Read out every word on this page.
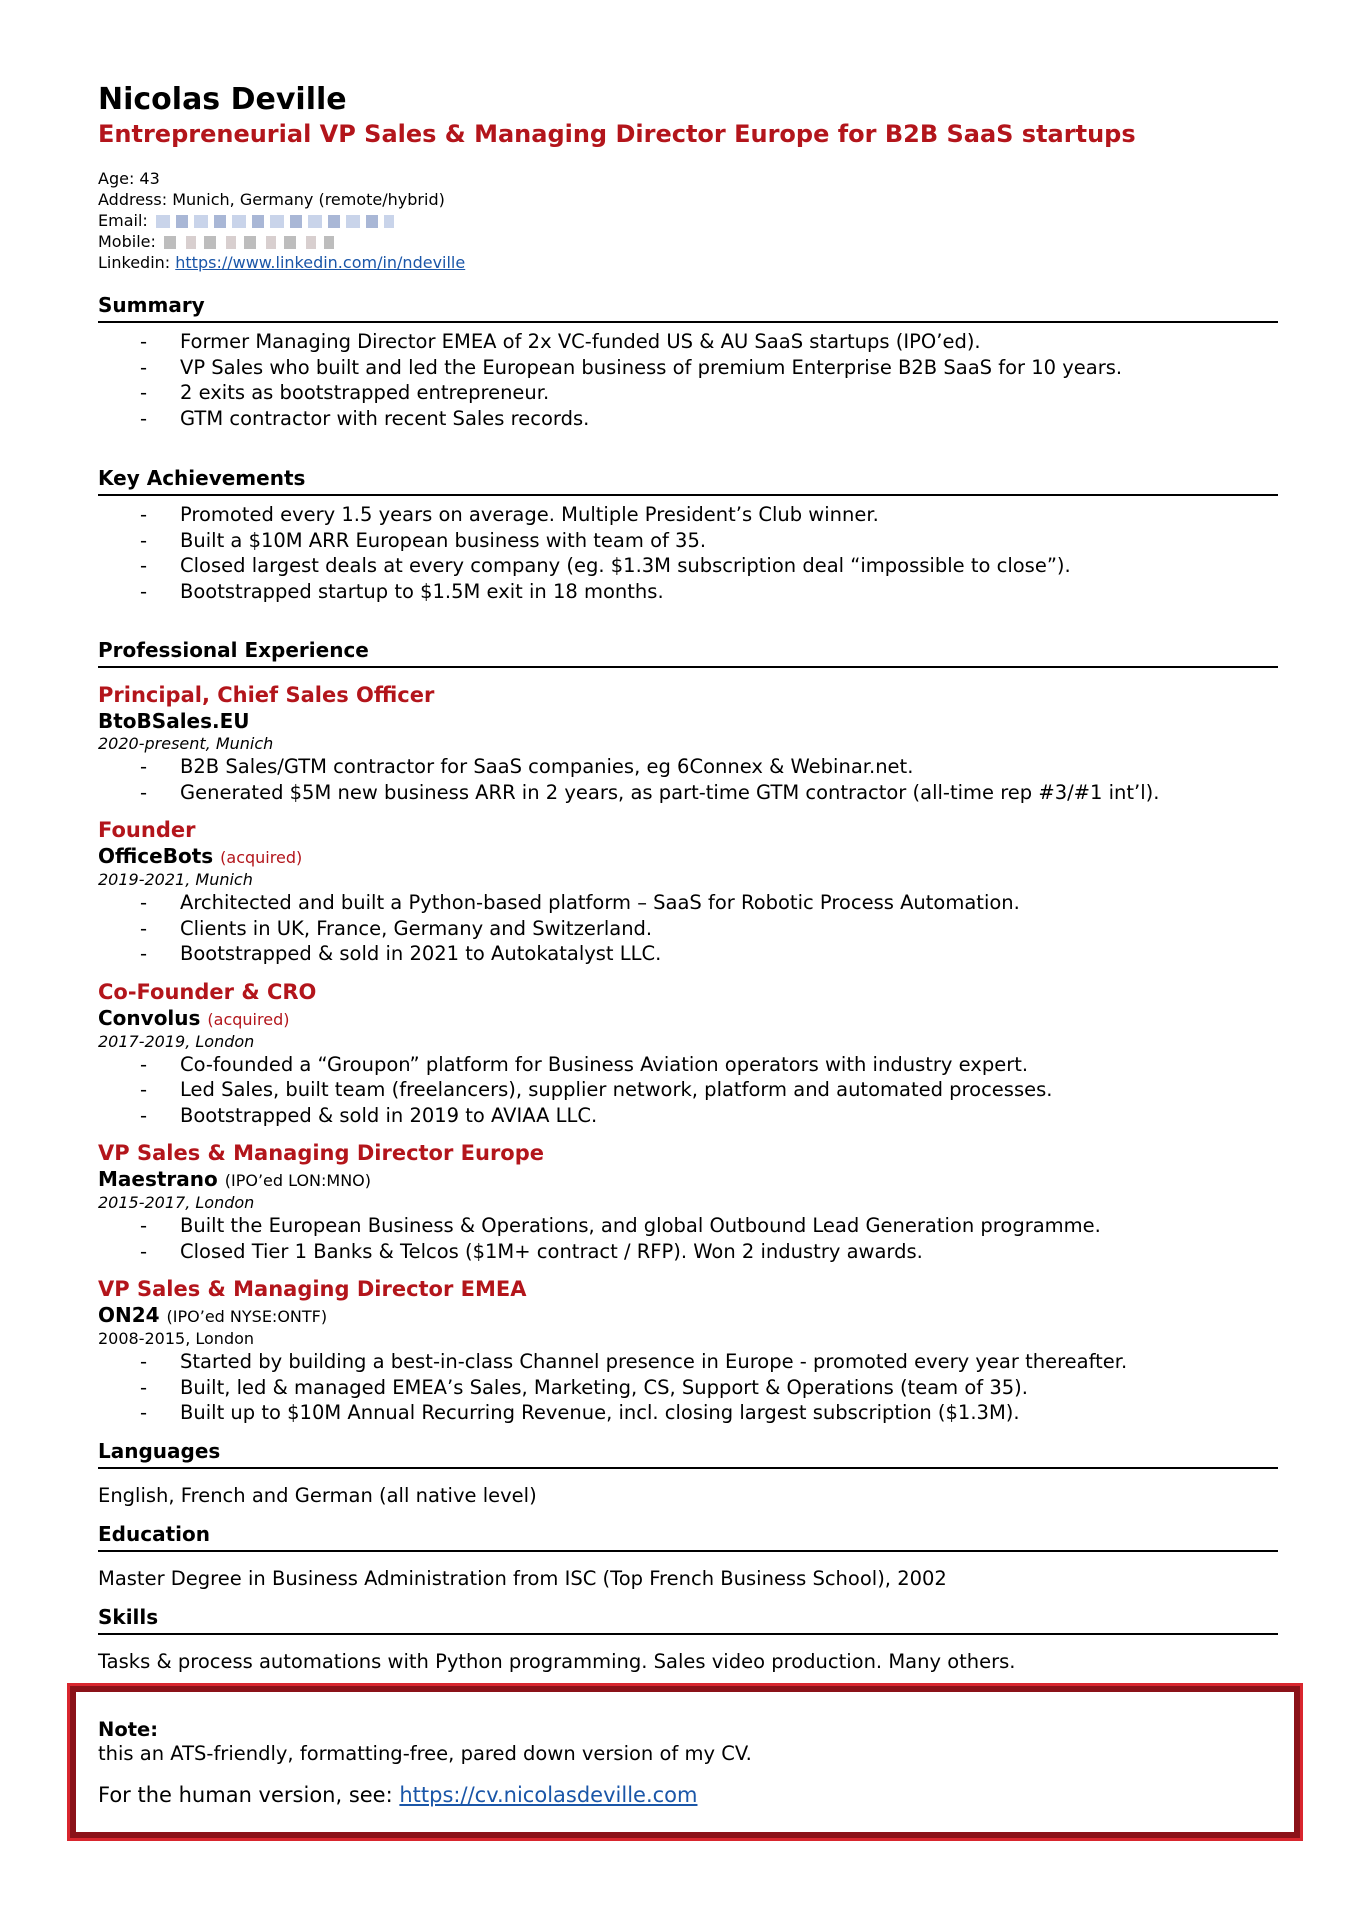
Nicolas Deville
Entrepreneurial VP Sales & Managing Director Europe for B2B SaaS startups
Age: 43
Address: Munich, Germany (remote/hybrid)
Email:
Mobile:
Linkedin: https://www.linkedin.com/in/ndeville
Summary
- Former Managing Director EMEA of 2x VC-funded US & AU SaaS startups (IPO’ed).
- VP Sales who built and led the European business of premium Enterprise B2B SaaS for 10 years.
- 2 exits as bootstrapped entrepreneur.
- GTM contractor with recent Sales records.
Key Achievements
- Promoted every 1.5 years on average. Multiple President’s Club winner.
- Built a $10M ARR European business with team of 35.
- Closed largest deals at every company (eg. $1.3M subscription deal “impossible to close”).
- Bootstrapped startup to $1.5M exit in 18 months.
Professional Experience
Principal, Chief Sales Officer
BtoBSales.EU
2020-present, Munich
- B2B Sales/GTM contractor for SaaS companies, eg 6Connex & Webinar.net.
- Generated $5M new business ARR in 2 years, as part-time GTM contractor (all-time rep #3/#1 int’l).
Founder
OfficeBots (acquired)
2019-2021, Munich
- Architected and built a Python-based platform – SaaS for Robotic Process Automation.
- Clients in UK, France, Germany and Switzerland.
- Bootstrapped & sold in 2021 to Autokatalyst LLC.
Co-Founder & CRO
Convolus (acquired)
2017-2019, London
- Co-founded a “Groupon” platform for Business Aviation operators with industry expert.
- Led Sales, built team (freelancers), supplier network, platform and automated processes.
- Bootstrapped & sold in 2019 to AVIAA LLC.
VP Sales & Managing Director Europe
Maestrano (IPO’ed LON:MNO)
2015-2017, London
- Built the European Business & Operations, and global Outbound Lead Generation programme.
- Closed Tier 1 Banks & Telcos ($1M+ contract / RFP). Won 2 industry awards.
VP Sales & Managing Director EMEA
ON24 (IPO’ed NYSE:ONTF)
2008-2015, London
- Started by building a best-in-class Channel presence in Europe - promoted every year thereafter.
- Built, led & managed EMEA’s Sales, Marketing, CS, Support & Operations (team of 35).
- Built up to $10M Annual Recurring Revenue, incl. closing largest subscription ($1.3M).
Languages
English, French and German (all native level)
Education
Master Degree in Business Administration from ISC (Top French Business School), 2002
Skills
Tasks & process automations with Python programming. Sales video production. Many others.
Note:
this an ATS-friendly, formatting-free, pared down version of my CV.
For the human version, see: https://cv.nicolasdeville.com
